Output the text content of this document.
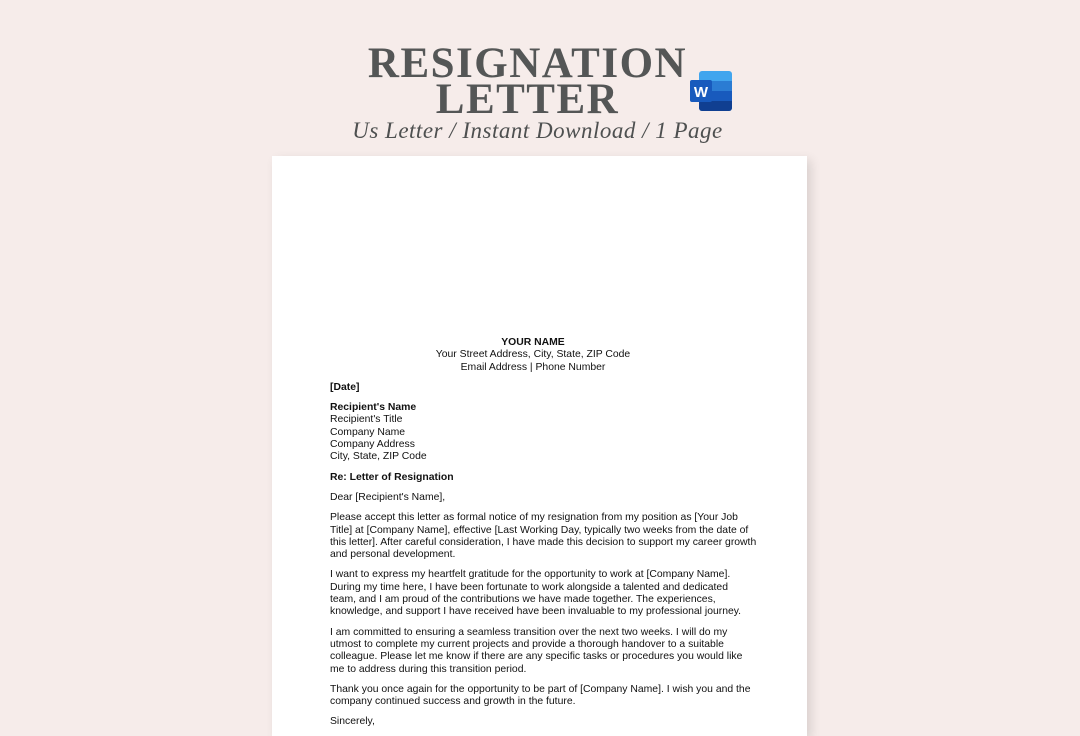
RESIGNATION
LETTER
Us Letter / Instant Download / 1 Page
W
YOUR NAME
Your Street Address, City, State, ZIP Code
Email Address | Phone Number
[Date]
Recipient's Name
Recipient's Title
Company Name
Company Address
City, State, ZIP Code
Re: Letter of Resignation
Dear [Recipient's Name],
Please accept this letter as formal notice of my resignation from my position as [Your Job
Title] at [Company Name], effective [Last Working Day, typically two weeks from the date of
this letter]. After careful consideration, I have made this decision to support my career growth
and personal development.
I want to express my heartfelt gratitude for the opportunity to work at [Company Name].
During my time here, I have been fortunate to work alongside a talented and dedicated
team, and I am proud of the contributions we have made together. The experiences,
knowledge, and support I have received have been invaluable to my professional journey.
I am committed to ensuring a seamless transition over the next two weeks. I will do my
utmost to complete my current projects and provide a thorough handover to a suitable
colleague. Please let me know if there are any specific tasks or procedures you would like
me to address during this transition period.
Thank you once again for the opportunity to be part of [Company Name]. I wish you and the
company continued success and growth in the future.
Sincerely,
